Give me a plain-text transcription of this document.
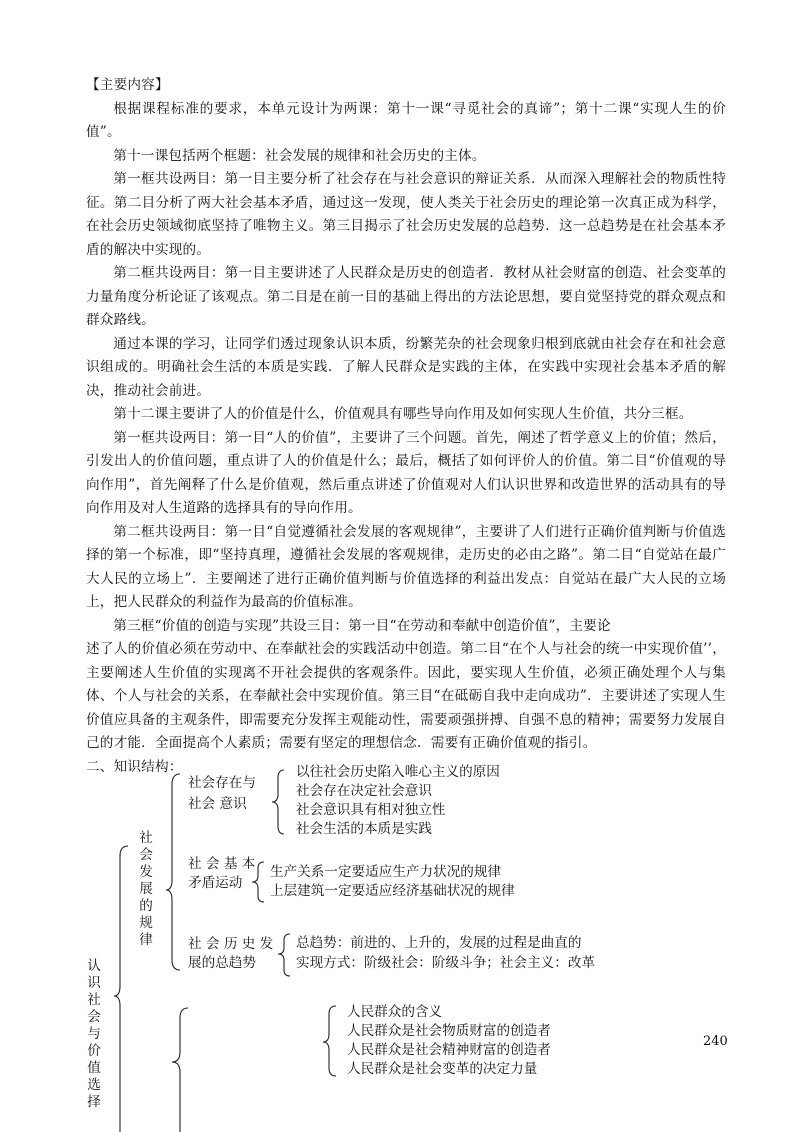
【主要内容】

根据课程标准的要求，本单元设计为两课：第十一课“寻觅社会的真谛”；第十二课“实现人生的价值”。

第十一课包括两个框题：社会发展的规律和社会历史的主体。

第一框共设两目：第一目主要分析了社会存在与社会意识的辩证关系．从而深入理解社会的物质性特征。第二目分析了两大社会基本矛盾，通过这一发现，使人类关于社会历史的理论第一次真正成为科学，在社会历史领域彻底坚持了唯物主义。第三目揭示了社会历史发展的总趋势．这一总趋势是在社会基本矛盾的解决中实现的。

第二框共设两目：第一目主要讲述了人民群众是历史的创造者．教材从社会财富的创造、社会变革的力量角度分析论证了该观点。第二目是在前一目的基础上得出的方法论思想，要自觉坚持党的群众观点和群众路线。

通过本课的学习，让同学们透过现象认识本质，纷繁芜杂的社会现象归根到底就由社会存在和社会意识组成的。明确社会生活的本质是实践．了解人民群众是实践的主体，在实践中实现社会基本矛盾的解决，推动社会前进。

第十二课主要讲了人的价值是什么，价值观具有哪些导向作用及如何实现人生价值，共分三框。

第一框共设两目：第一目“人的价值”，主要讲了三个问题。首先，阐述了哲学意义上的价值；然后，引发出人的价值问题，重点讲了人的价值是什么；最后，概括了如何评价人的价值。第二目“价值观的导向作用”，首先阐释了什么是价值观，然后重点讲述了价值观对人们认识世界和改造世界的活动具有的导向作用及对人生道路的选择具有的导向作用。

第二框共设两目：第一目“自觉遵循社会发展的客观规律”，主要讲了人们进行正确价值判断与价值选择的第一个标准，即“坚持真理，遵循社会发展的客观规律，走历史的必由之路”。第二目“自觉站在最广大人民的立场上”．主要阐述了进行正确价值判断与价值选择的利益出发点：自觉站在最广大人民的立场上，把人民群众的利益作为最高的价值标准。

第三框“价值的创造与实现”共设三目：第一目“在劳动和奉献中创造价值”，主要论

述了人的价值必须在劳动中、在奉献社会的实践活动中创造。第二目“在个人与社会的统一中实现价值’’，主要阐述人生价值的实现离不开社会提供的客观条件。因此，要实现人生价值，必须正确处理个人与集体、个人与社会的关系，在奉献社会中实现价值。第三目“在砥砺自我中走向成功”．主要讲述了实现人生价值应具备的主观条件，即需要充分发挥主观能动性，需要顽强拼搏、自强不息的精神；需要努力发展自己的才能．全面提高个人素质；需要有坚定的理想信念．需要有正确价值观的指引。

二、知识结构：

认识社会与价值选择
社会发展的规律
社会存在与
社会 意识
以往社会历史陷入唯心主义的原因
社会存在决定社会意识
社会意识具有相对独立性
社会生活的本质是实践
社 会 基 本
矛盾运动
生产关系一定要适应生产力状况的规律
上层建筑一定要适应经济基础状况的规律
社 会 历 史 发
展的总趋势
总趋势：前进的、上升的，发展的过程是曲直的
实现方式：阶级社会：阶级斗争；社会主义：改革
人民群众的含义
人民群众是社会物质财富的创造者
人民群众是社会精神财富的创造者
人民群众是社会变革的决定力量
240
